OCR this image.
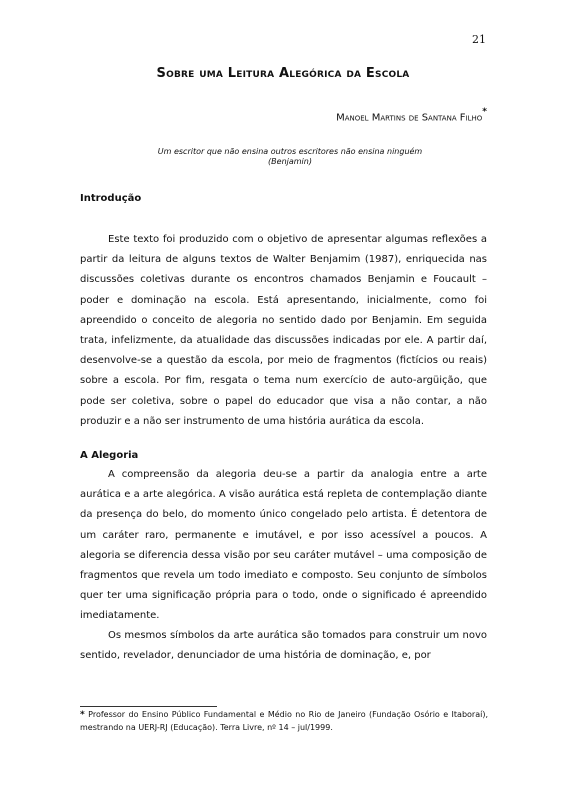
21
Sobre uma Leitura Alegórica da Escola
Manoel Martins de Santana Filho*
Um escritor que não ensina outros escritores não ensina ninguém
(Benjamin)
Introdução

Este texto foi produzido com o objetivo de apresentar algumas reflexões a partir da leitura de alguns textos de Walter Benjamim (1987), enriquecida nas discussões coletivas durante os encontros chamados Benjamin e Foucault – poder e dominação na escola. Está apresentando, inicialmente, como foi apreendido o conceito de alegoria no sentido dado por Benjamin. Em seguida trata, infelizmente, da atualidade das discussões indicadas por ele. A partir daí, desenvolve-se a questão da escola, por meio de fragmentos (fictícios ou reais) sobre a escola. Por fim, resgata o tema num exercício de auto-argüição, que pode ser coletiva, sobre o papel do educador que visa a não contar, a não produzir e a não ser instrumento de uma história aurática da escola.

A Alegoria

A compreensão da alegoria deu-se a partir da analogia entre a arte aurática e a arte alegórica. A visão aurática está repleta de contemplação diante da presença do belo, do momento único congelado pelo artista. É detentora de um caráter raro, permanente e imutável, e por isso acessível a poucos. A alegoria se diferencia dessa visão por seu caráter mutável – uma composição de fragmentos que revela um todo imediato e composto. Seu conjunto de símbolos quer ter uma significação própria para o todo, onde o significado é apreendido imediatamente.

Os mesmos símbolos da arte aurática são tomados para construir um novo sentido, revelador, denunciador de uma história de dominação, e, por

* Professor do Ensino Público Fundamental e Médio no Rio de Janeiro (Fundação Osório e Itaboraí), mestrando na UERJ-RJ (Educação). Terra Livre, nº 14 – jul/1999.
